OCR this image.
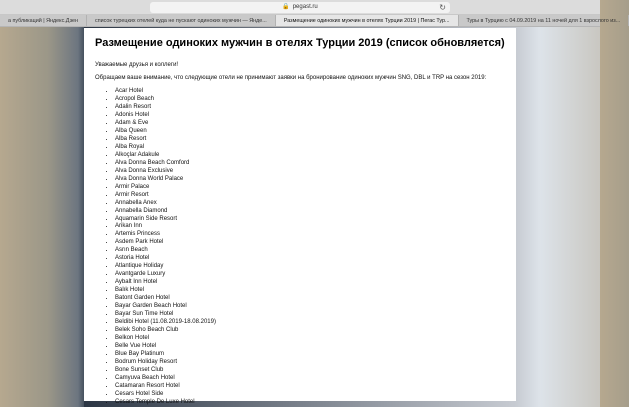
🔒 pegast.ru	↻
а публикаций | Яндекс.Дзен	список турецких отелей куда не пускают одиноких мужчин — Янде...	Размещение одиноких мужчин в отелях Турции 2019 | Пегас Тур...	Туры в Турцию с 04.09.2019 на 11 ночей для 1 взрослого из...
Размещение одиноких мужчин в отелях Турции 2019 (список обновляется)

Уважаемые друзья и коллеги!

Обращаем ваше внимание, что следующие отели не принимают заявки на бронирование одиноких мужчин SNG, DBL и TRP на сезон 2019:

• Acar Hotel
• Acropol Beach
• Adalin Resort
• Adonis Hotel
• Adam & Eve
• Alba Queen
• Alba Resort
• Alba Royal
• Alkoçlar Adakule
• Alva Donna Beach Comford
• Alva Donna Exclusive
• Alva Donna World Palace
• Armir Palace
• Armir Resort
• Annabella Anex
• Annabella Diamond
• Aquamarin Side Resort
• Arikan Inn
• Artemis Princess
• Asdem Park Hotel
• Asrın Beach
• Astoria Hotel
• Atlantique Holiday
• Avantgarde Luxury
• Aybalt Inn Hotel
• Balık Hotel
• Batont Garden Hotel
• Bayar Garden Beach Hotel
• Bayar Sun Time Hotel
• Beldibi Hotel (11.08.2019-18.08.2019)
• Belek Soho Beach Club
• Belkon Hotel
• Belle Vue Hotel
• Blue Bay Platinum
• Bodrum Holiday Resort
• Bone Sunset Club
• Camyuva Beach Hotel
• Catamaran Resort Hotel
• Cesars Hotel Side
• Cesars Temple De Luxe Hotel
